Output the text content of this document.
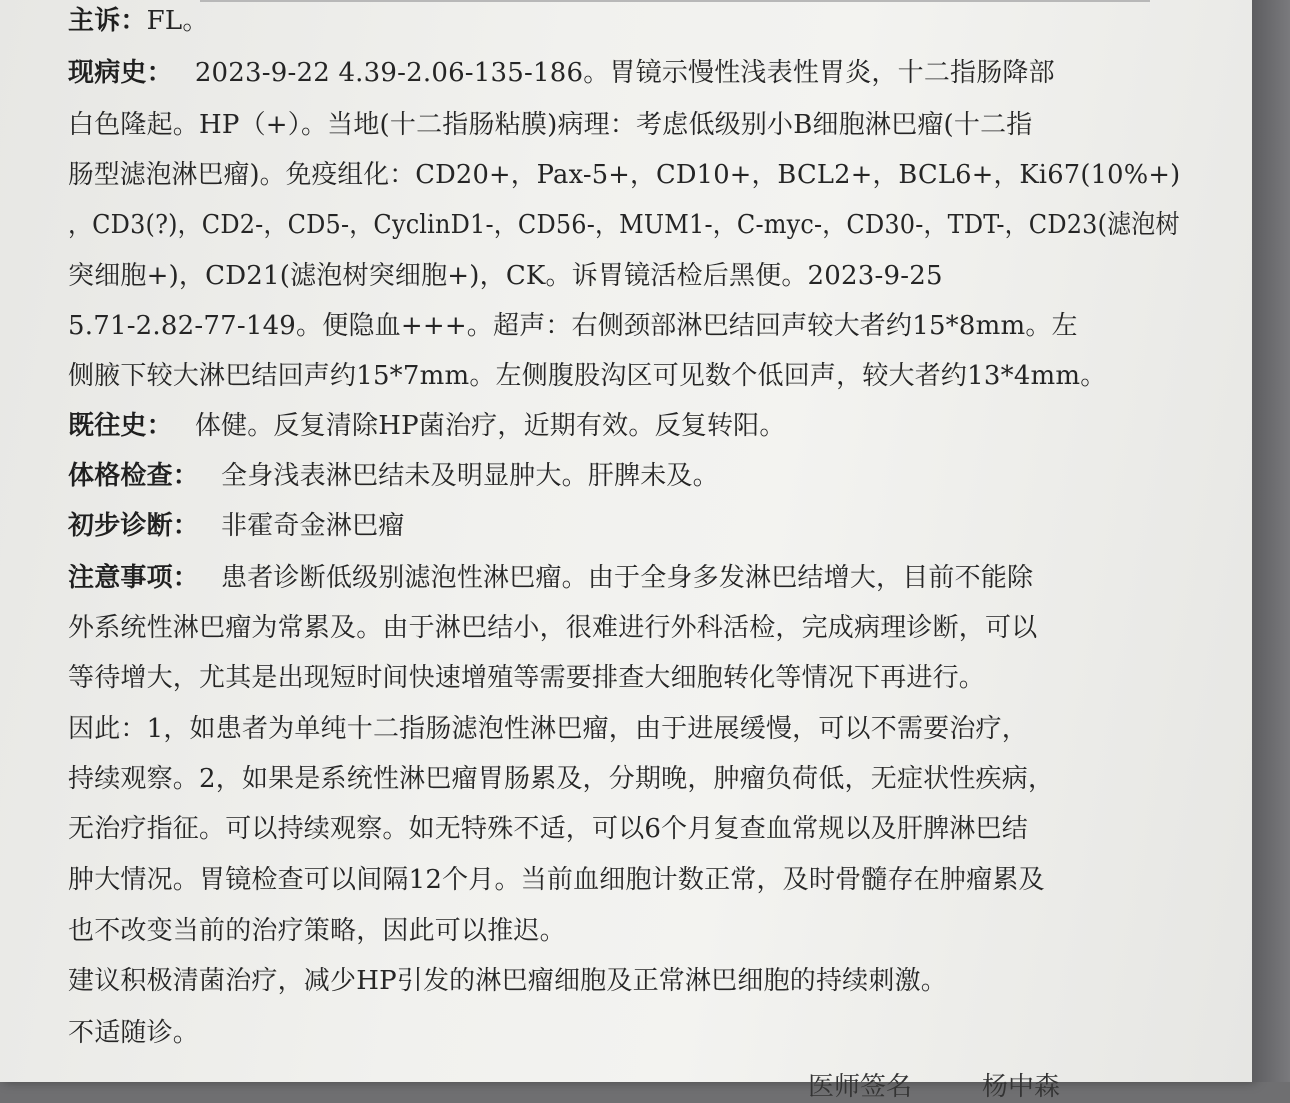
主诉：FL。
现病史： 2023-9-22 4.39-2.06-135-186。胃镜示慢性浅表性胃炎，十二指肠降部
白色隆起。HP（+）。当地(十二指肠粘膜)病理：考虑低级别小B细胞淋巴瘤(十二指
肠型滤泡淋巴瘤)。免疫组化：CD20+，Pax-5+，CD10+，BCL2+，BCL6+，Ki67(10%+)
，CD3(?)，CD2-，CD5-，CyclinD1-，CD56-，MUM1-，C-myc-，CD30-，TDT-，CD23(滤泡树
突细胞+)，CD21(滤泡树突细胞+)，CK。诉胃镜活检后黑便。2023-9-25
5.71-2.82-77-149。便隐血+++。超声：右侧颈部淋巴结回声较大者约15*8mm。左
侧腋下较大淋巴结回声约15*7mm。左侧腹股沟区可见数个低回声，较大者约13*4mm。
既往史： 体健。反复清除HP菌治疗，近期有效。反复转阳。
体格检查： 全身浅表淋巴结未及明显肿大。肝脾未及。
初步诊断： 非霍奇金淋巴瘤
注意事项： 患者诊断低级别滤泡性淋巴瘤。由于全身多发淋巴结增大，目前不能除
外系统性淋巴瘤为常累及。由于淋巴结小，很难进行外科活检，完成病理诊断，可以
等待增大，尤其是出现短时间快速增殖等需要排查大细胞转化等情况下再进行。
因此：1，如患者为单纯十二指肠滤泡性淋巴瘤，由于进展缓慢，可以不需要治疗，
持续观察。2，如果是系统性淋巴瘤胃肠累及，分期晚，肿瘤负荷低，无症状性疾病，
无治疗指征。可以持续观察。如无特殊不适，可以6个月复查血常规以及肝脾淋巴结
肿大情况。胃镜检查可以间隔12个月。当前血细胞计数正常，及时骨髓存在肿瘤累及
也不改变当前的治疗策略，因此可以推迟。
建议积极清菌治疗，减少HP引发的淋巴瘤细胞及正常淋巴细胞的持续刺激。
不适随诊。
医师签名	杨中森
